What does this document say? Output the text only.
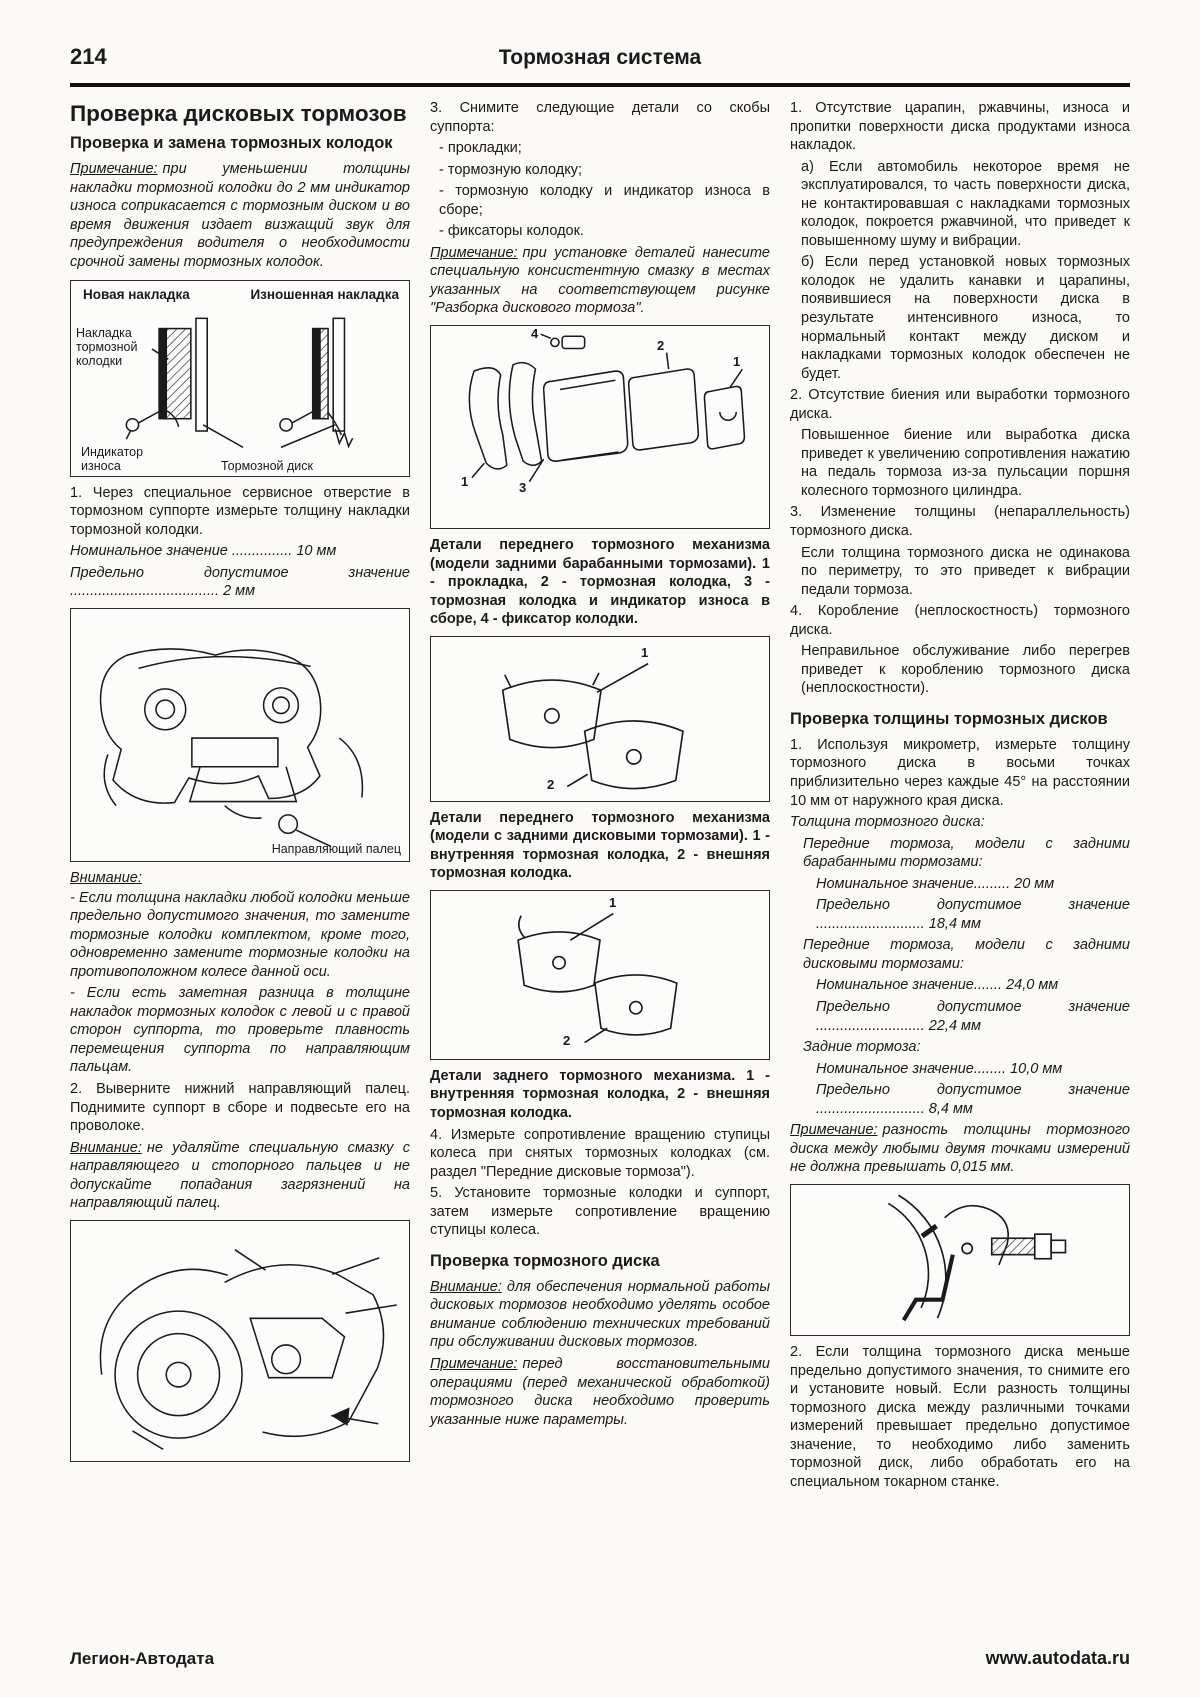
214	Тормозная система
Проверка дисковых тормозов
Проверка и замена тормозных колодок

Примечание: при уменьшении толщины накладки тормозной колодки до 2 мм индикатор износа соприкасается с тормозным диском и во время движения издает визжащий звук для предупреждения водителя о необходимости срочной замены тормозных колодок.

Новая накладка	Изношенная накладка
Накладка тормозной колодки
Индикатор износа	Тормозной диск

1. Через специальное сервисное отверстие в тормозном суппорте измерьте толщину накладки тормозной колодки.

Номинальное значение ............... 10 мм

Предельно допустимое значение ..................................... 2 мм

Направляющий палец

Внимание:

- Если толщина накладки любой колодки меньше предельно допустимого значения, то замените тормозные колодки комплектом, кроме того, одновременно замените тормозные колодки на противоположном колесе данной оси.

- Если есть заметная разница в толщине накладок тормозных колодок с левой и с правой сторон суппорта, то проверьте плавность перемещения суппорта по направляющим пальцам.

2. Выверните нижний направляющий палец. Поднимите суппорт в сборе и подвесьте его на проволоке.

Внимание: не удаляйте специальную смазку с направляющего и стопорного пальцев и не допускайте попадания загрязнений на направляющий палец.

3. Снимите следующие детали со скобы суппорта:

- прокладки;

- тормозную колодку;

- тормозную колодку и индикатор износа в сборе;

- фиксаторы колодок.

Примечание: при установке деталей нанесите специальную консистентную смазку в местах указанных на соответствующем рисунке "Разборка дискового тормоза".

4
2
1
3
1

Детали переднего тормозного механизма (модели задними барабанными тормозами). 1 - прокладка, 2 - тормозная колодка, 3 - тормозная колодка и индикатор износа в сборе, 4 - фиксатор колодки.

1
2

Детали переднего тормозного механизма (модели с задними дисковыми тормозами). 1 - внутренняя тормозная колодка, 2 - внешняя тормозная колодка.

1
2

Детали заднего тормозного механизма. 1 - внутренняя тормозная колодка, 2 - внешняя тормозная колодка.

4. Измерьте сопротивление вращению ступицы колеса при снятых тормозных колодках (см. раздел "Передние дисковые тормоза").

5. Установите тормозные колодки и суппорт, затем измерьте сопротивление вращению ступицы колеса.

Проверка тормозного диска

Внимание: для обеспечения нормальной работы дисковых тормозов необходимо уделять особое внимание соблюдению технических требований при обслуживании дисковых тормозов.

Примечание: перед восстановительными операциями (перед механической обработкой) тормозного диска необходимо проверить указанные ниже параметры.

1. Отсутствие царапин, ржавчины, износа и пропитки поверхности диска продуктами износа накладок.

а) Если автомобиль некоторое время не эксплуатировался, то часть поверхности диска, не контактировавшая с накладками тормозных колодок, покроется ржавчиной, что приведет к повышенному шуму и вибрации.

б) Если перед установкой новых тормозных колодок не удалить канавки и царапины, появившиеся на поверхности диска в результате интенсивного износа, то нормальный контакт между диском и накладками тормозных колодок обеспечен не будет.

2. Отсутствие биения или выработки тормозного диска.

Повышенное биение или выработка диска приведет к увеличению сопротивления нажатию на педаль тормоза из-за пульсации поршня колесного тормозного цилиндра.

3. Изменение толщины (непараллельность) тормозного диска.

Если толщина тормозного диска не одинакова по периметру, то это приведет к вибрации педали тормоза.

4. Коробление (неплоскостность) тормозного диска.

Неправильное обслуживание либо перегрев приведет к короблению тормозного диска (неплоскостности).

Проверка толщины тормозных дисков

1. Используя микрометр, измерьте толщину тормозного диска в восьми точках приблизительно через каждые 45° на расстоянии 10 мм от наружного края диска.

Толщина тормозного диска:

Передние тормоза, модели с задними барабанными тормозами:

Номинальное значение......... 20 мм

Предельно допустимое значение ........................... 18,4 мм

Передние тормоза, модели с задними дисковыми тормозами:

Номинальное значение....... 24,0 мм

Предельно допустимое значение ........................... 22,4 мм

Задние тормоза:

Номинальное значение........ 10,0 мм

Предельно допустимое значение ........................... 8,4 мм

Примечание: разность толщины тормозного диска между любыми двумя точками измерений не должна превышать 0,015 мм.

2. Если толщина тормозного диска меньше предельно допустимого значения, то снимите его и установите новый. Если разность толщины тормозного диска между различными точками измерений превышает предельно допустимое значение, то необходимо либо заменить тормозной диск, либо обработать его на специальном токарном станке.

Легион-Автодата	www.autodata.ru
